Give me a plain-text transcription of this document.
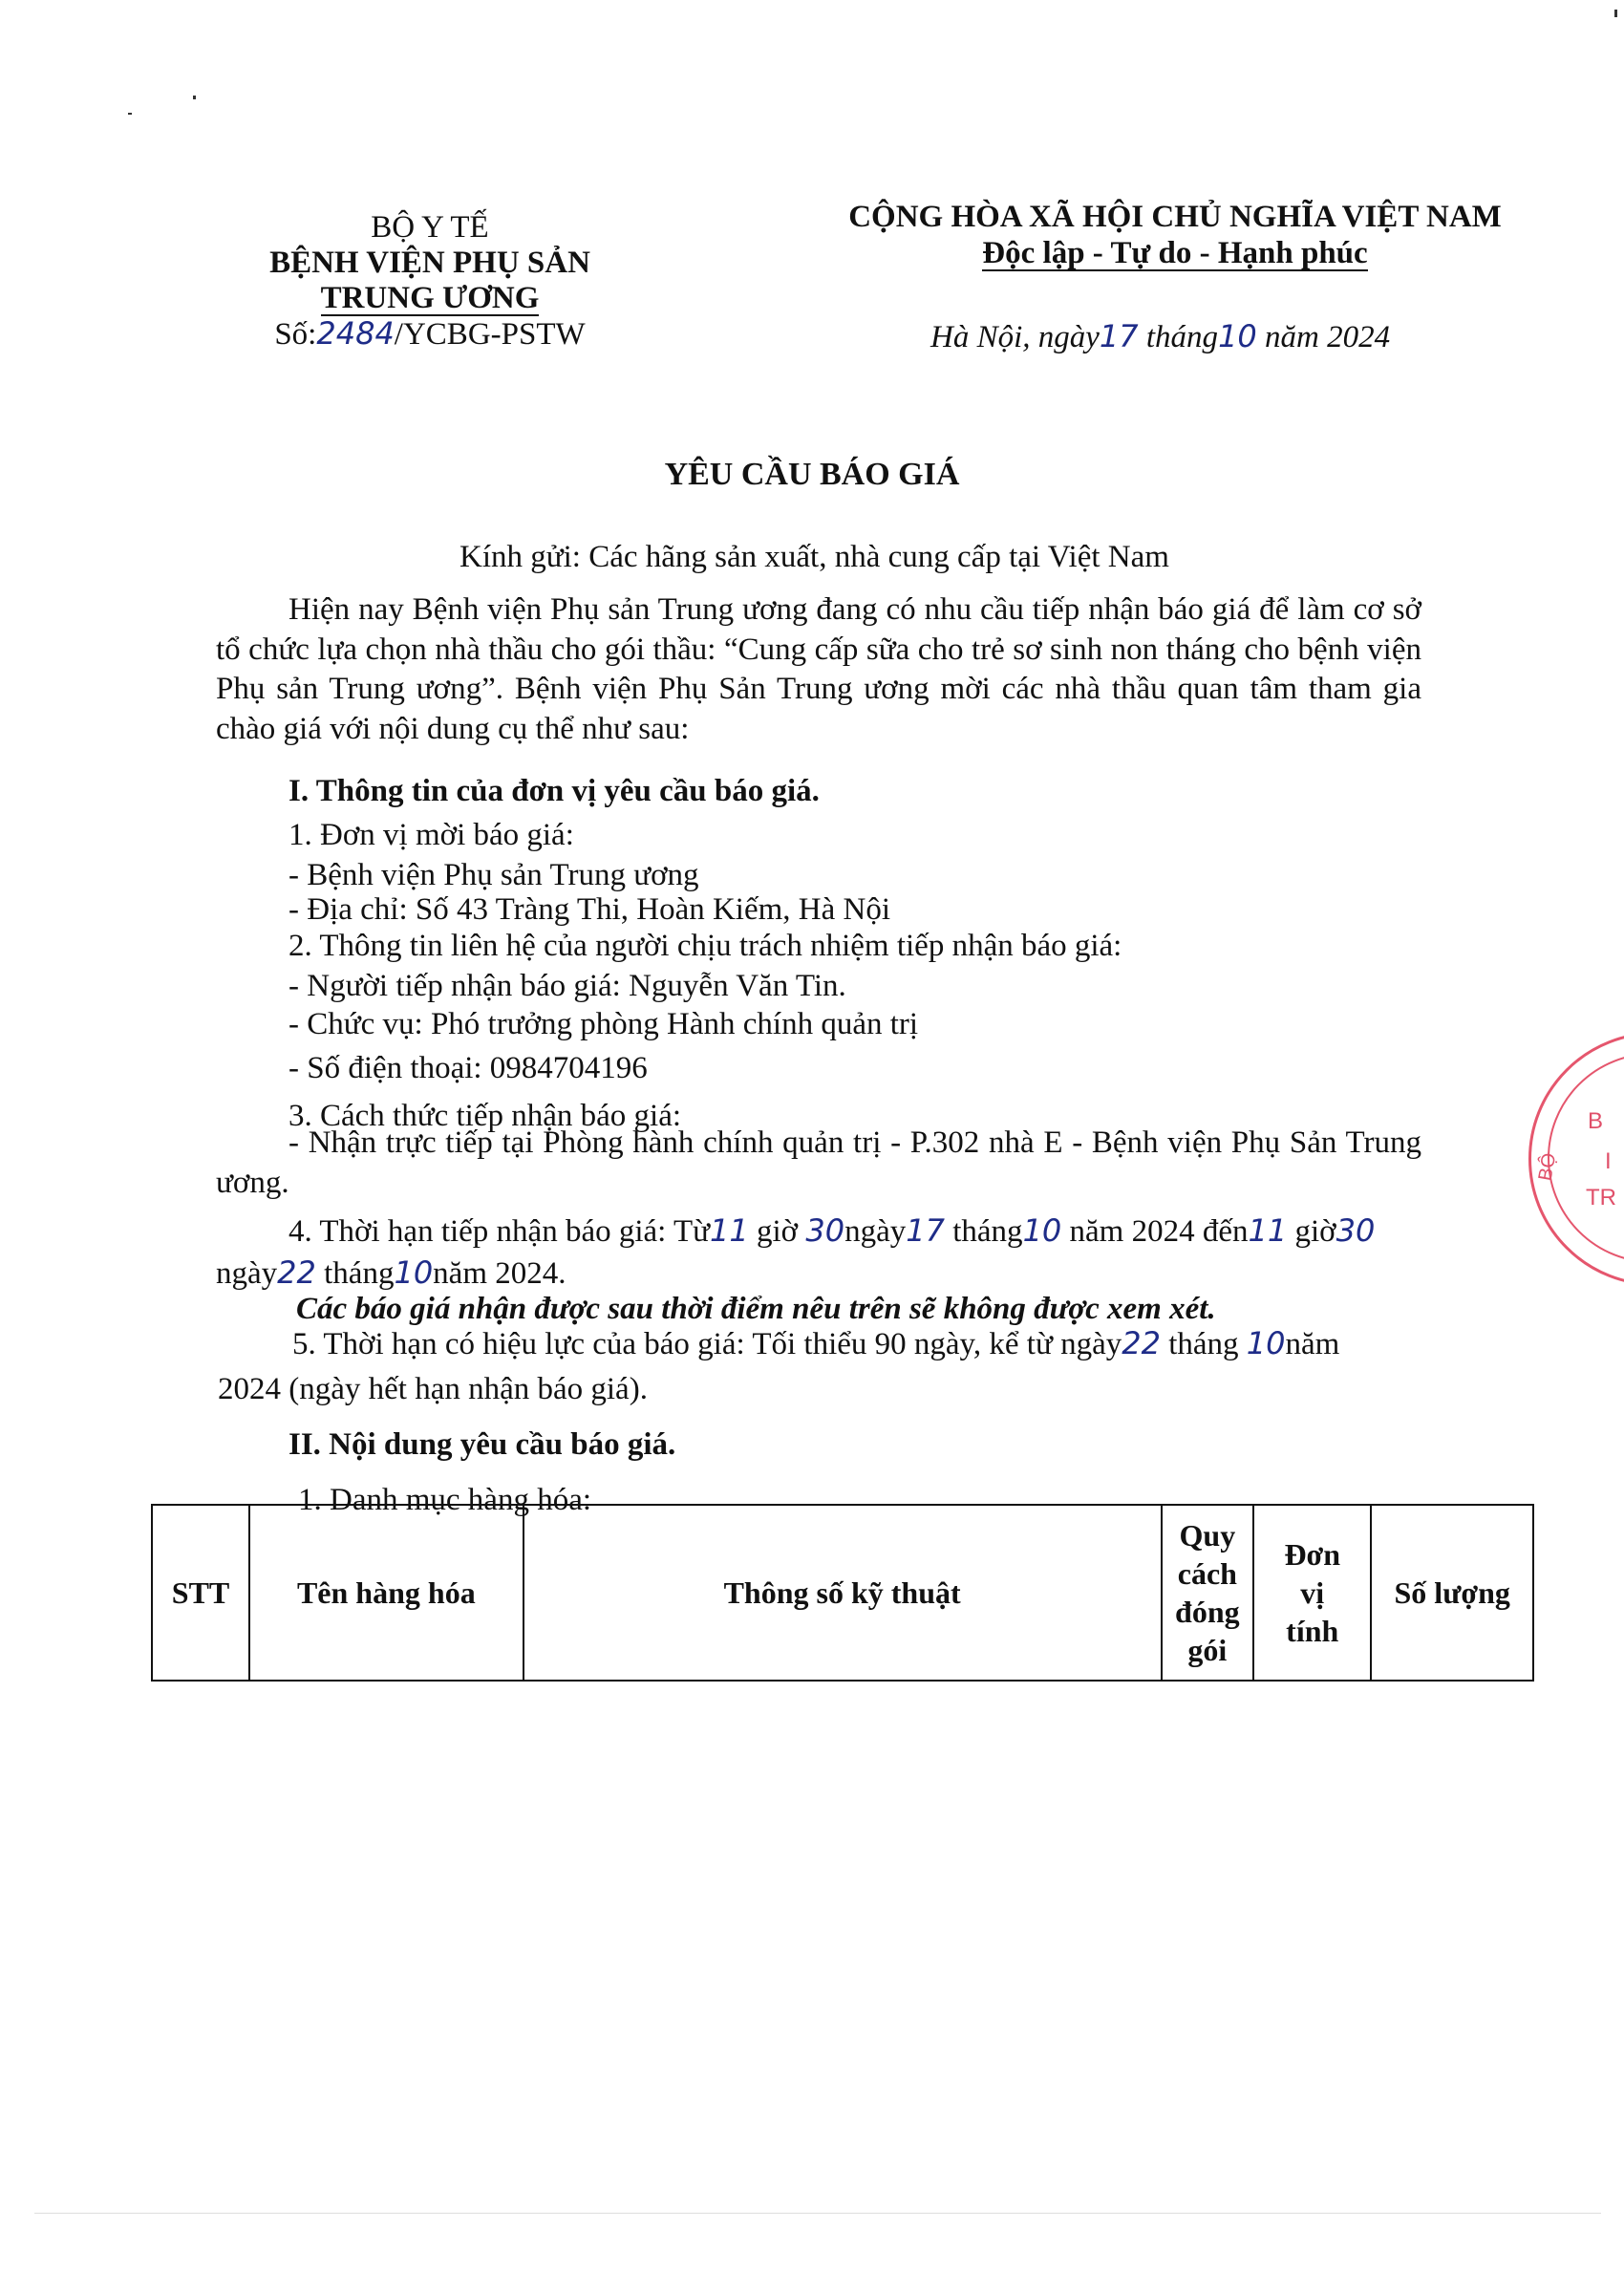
BỘ Y TẾ
BỆNH VIỆN PHỤ SẢN
TRUNG ƯƠNG
Số:2484/YCBG-PSTW
CỘNG HÒA XÃ HỘI CHỦ NGHĨA VIỆT NAM
Độc lập - Tự do - Hạnh phúc
Hà Nội, ngày17 tháng10 năm 2024
YÊU CẦU BÁO GIÁ
Kính gửi: Các hãng sản xuất, nhà cung cấp tại Việt Nam
Hiện nay Bệnh viện Phụ sản Trung ương đang có nhu cầu tiếp nhận báo giá để làm cơ sở tổ chức lựa chọn nhà thầu cho gói thầu: “Cung cấp sữa cho trẻ sơ sinh non tháng cho bệnh viện Phụ sản Trung ương”. Bệnh viện Phụ Sản Trung ương mời các nhà thầu quan tâm tham gia chào giá với nội dung cụ thể như sau:
I. Thông tin của đơn vị yêu cầu báo giá.
1. Đơn vị mời báo giá:
- Bệnh viện Phụ sản Trung ương
- Địa chỉ: Số 43 Tràng Thi, Hoàn Kiếm, Hà Nội
2. Thông tin liên hệ của người chịu trách nhiệm tiếp nhận báo giá:
- Người tiếp nhận báo giá: Nguyễn Văn Tin.
- Chức vụ: Phó trưởng phòng Hành chính quản trị
- Số điện thoại: 0984704196
3. Cách thức tiếp nhận báo giá:
- Nhận trực tiếp tại Phòng hành chính quản trị - P.302 nhà E - Bệnh viện Phụ Sản Trung ương.
4. Thời hạn tiếp nhận báo giá: Từ11 giờ 30ngày17 tháng10 năm 2024 đến11 giờ30
ngày22 tháng10năm 2024.
Các báo giá nhận được sau thời điểm nêu trên sẽ không được xem xét.
5. Thời hạn có hiệu lực của báo giá: Tối thiểu 90 ngày, kể từ ngày22 tháng 10năm
2024 (ngày hết hạn nhận báo giá).
II. Nội dung yêu cầu báo giá.
1. Danh mục hàng hóa:
STT	Tên hàng hóa	Thông số kỹ thuật	Quy cách đóng gói	Đơn vị tính	Số lượng
B
BỘ I
TR
